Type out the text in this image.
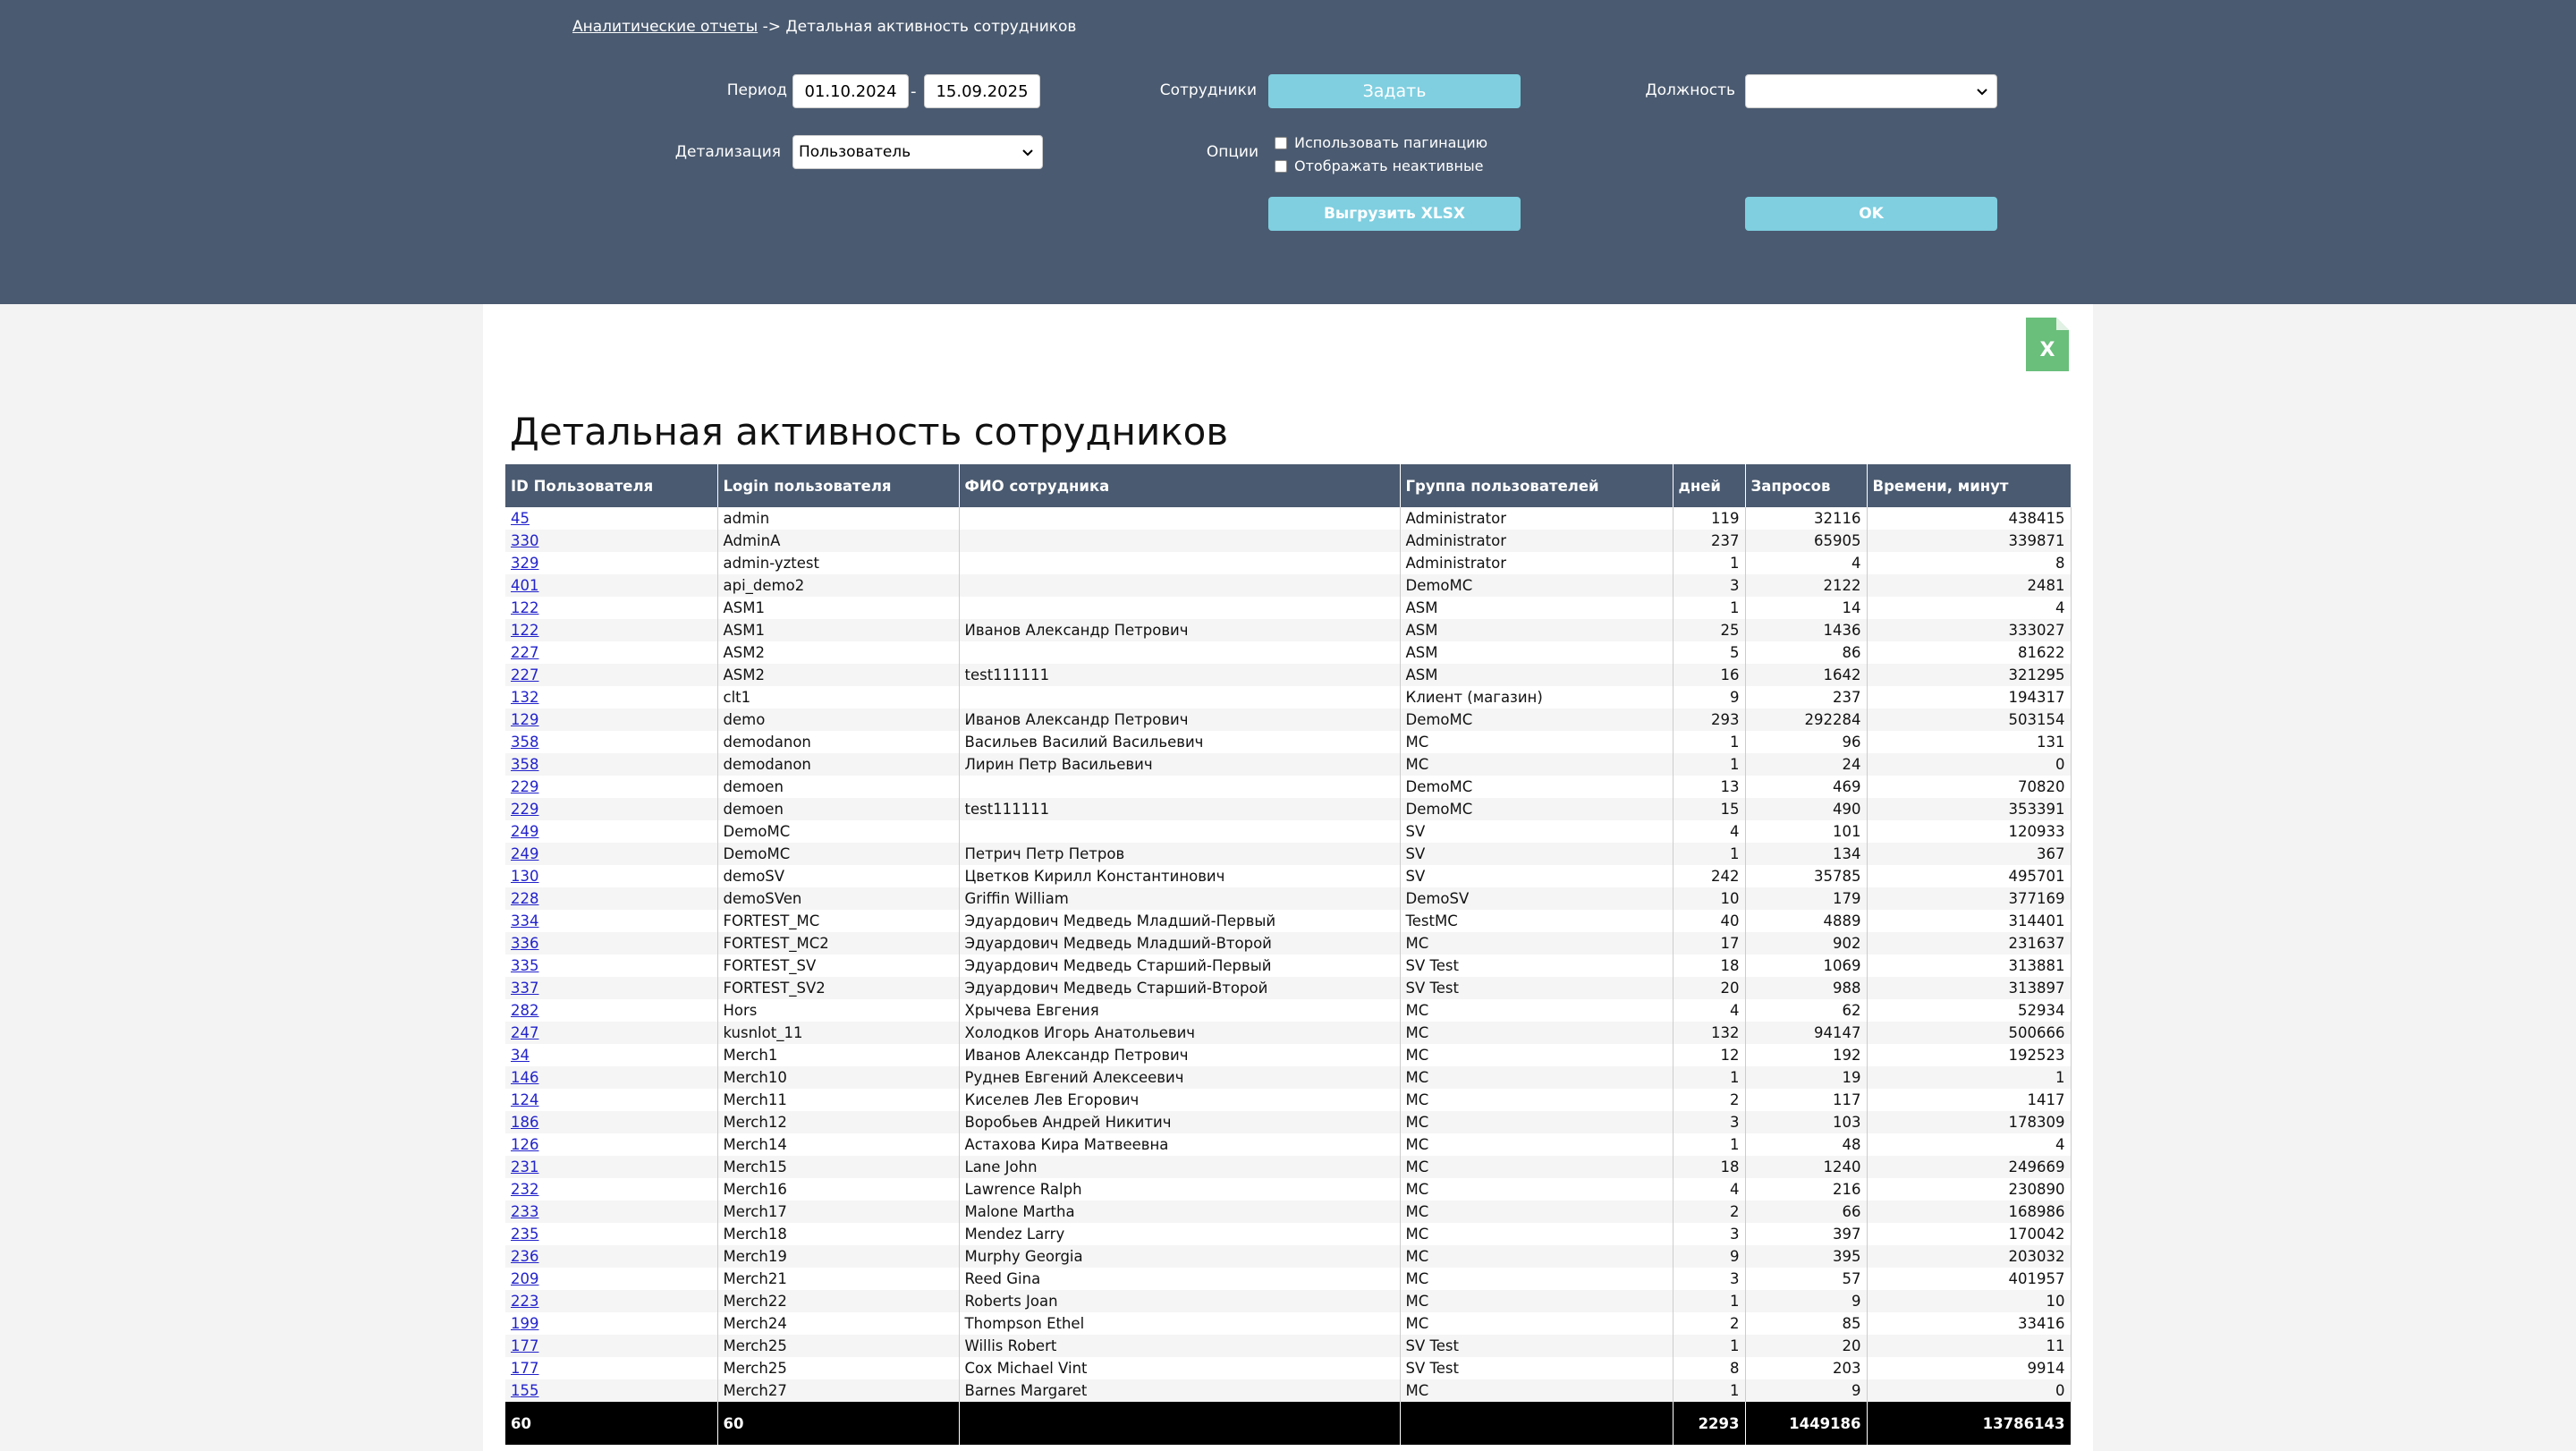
Аналитические отчеты -> Детальная активность сотрудников
Период
01.10.2024	-
15.09.2025
Детализация	Пользователь
Сотрудники	Задать
Опции
Использовать пагинацию
Отображать неактивные
Должность
Выгрузить XLSX	OK
X
Детальная активность сотрудников
ID Пользователя	Login пользователя	ФИО сотрудника	Группа пользователей	дней	Запросов	Времени, минут
45	admin		Administrator	119	32116	438415
330	AdminA		Administrator	237	65905	339871
329	admin-yztest		Administrator	1	4	8
401	api_demo2		DemoMC	3	2122	2481
122	ASM1		ASM	1	14	4
122	ASM1	Иванов Александр Петрович	ASM	25	1436	333027
227	ASM2		ASM	5	86	81622
227	ASM2	test111111	ASM	16	1642	321295
132	clt1		Клиент (магазин)	9	237	194317
129	demo	Иванов Александр Петрович	DemoMC	293	292284	503154
358	demodanon	Васильев Василий Васильевич	MC	1	96	131
358	demodanon	Лирин Петр Васильевич	MC	1	24	0
229	demoen		DemoMC	13	469	70820
229	demoen	test111111	DemoMC	15	490	353391
249	DemoMC		SV	4	101	120933
249	DemoMC	Петрич Петр Петров	SV	1	134	367
130	demoSV	Цветков Кирилл Константинович	SV	242	35785	495701
228	demoSVen	Griffin William	DemoSV	10	179	377169
334	FORTEST_MC	Эдуардович Медведь Младший-Первый	TestMC	40	4889	314401
336	FORTEST_MC2	Эдуардович Медведь Младший-Второй	MC	17	902	231637
335	FORTEST_SV	Эдуардович Медведь Старший-Первый	SV Test	18	1069	313881
337	FORTEST_SV2	Эдуардович Медведь Старший-Второй	SV Test	20	988	313897
282	Hors	Хрычева Евгения	MC	4	62	52934
247	kusnlot_11	Холодков Игорь Анатольевич	MC	132	94147	500666
34	Merch1	Иванов Александр Петрович	MC	12	192	192523
146	Merch10	Руднев Евгений Алексеевич	MC	1	19	1
124	Merch11	Киселев Лев Егорович	MC	2	117	1417
186	Merch12	Воробьев Андрей Никитич	MC	3	103	178309
126	Merch14	Астахова Кира Матвеевна	MC	1	48	4
231	Merch15	Lane John	MC	18	1240	249669
232	Merch16	Lawrence Ralph	MC	4	216	230890
233	Merch17	Malone Martha	MC	2	66	168986
235	Merch18	Mendez Larry	MC	3	397	170042
236	Merch19	Murphy Georgia	MC	9	395	203032
209	Merch21	Reed Gina	MC	3	57	401957
223	Merch22	Roberts Joan	MC	1	9	10
199	Merch24	Thompson Ethel	MC	2	85	33416
177	Merch25	Willis Robert	SV Test	1	20	11
177	Merch25	Cox Michael Vint	SV Test	8	203	9914
155	Merch27	Barnes Margaret	MC	1	9	0
60	60			2293	1449186	13786143
